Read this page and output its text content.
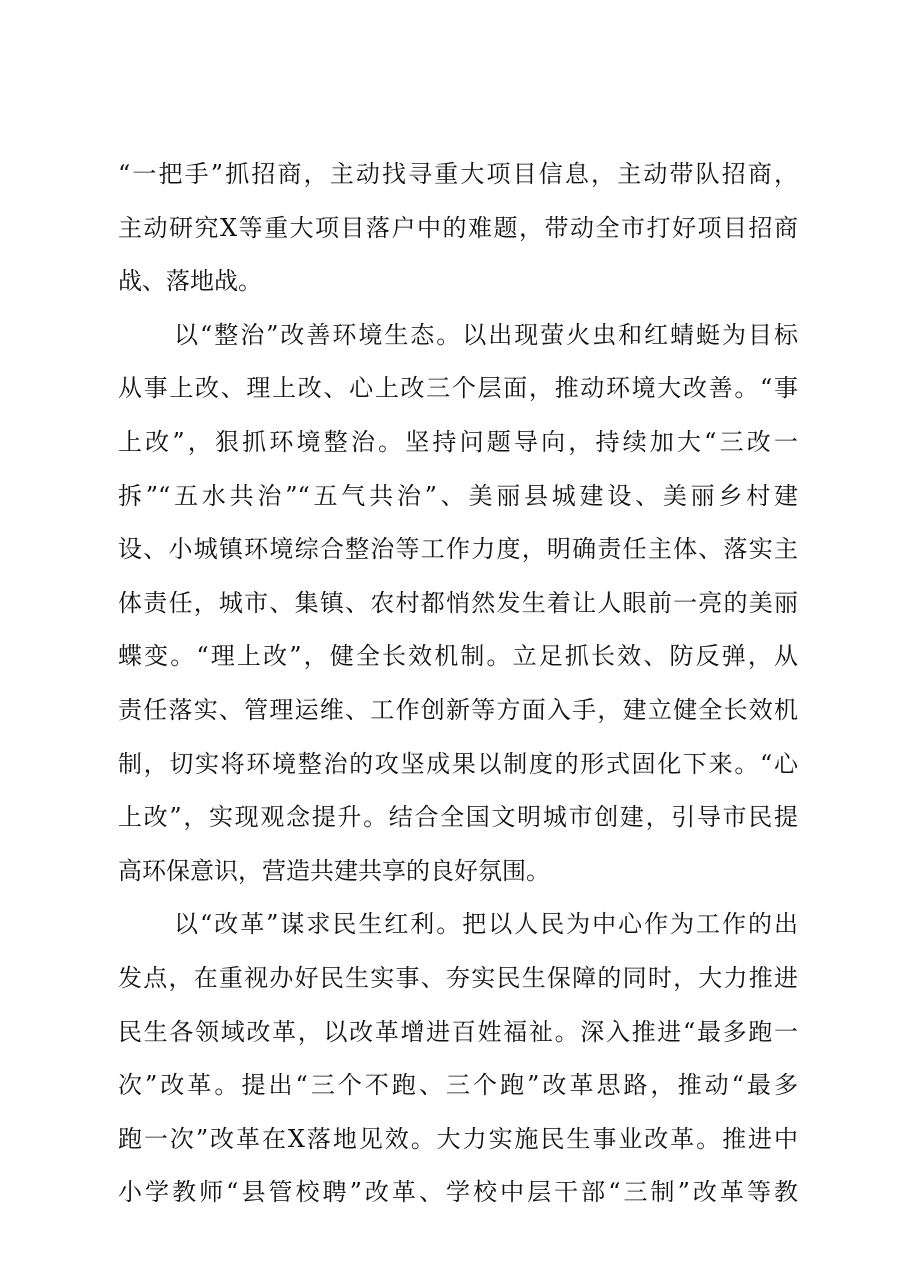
“一把手”抓招商，主动找寻重大项目信息，主动带队招商，
主动研究X等重大项目落户中的难题，带动全市打好项目招商
战、落地战。
以“整治”改善环境生态。以出现萤火虫和红蜻蜓为目标
从事上改、理上改、心上改三个层面，推动环境大改善。“事
上改”，狠抓环境整治。坚持问题导向，持续加大“三改一
拆”“五水共治”“五气共治”、美丽县城建设、美丽乡村建
设、小城镇环境综合整治等工作力度，明确责任主体、落实主
体责任，城市、集镇、农村都悄然发生着让人眼前一亮的美丽
蝶变。“理上改”，健全长效机制。立足抓长效、防反弹，从
责任落实、管理运维、工作创新等方面入手，建立健全长效机
制，切实将环境整治的攻坚成果以制度的形式固化下来。“心
上改”，实现观念提升。结合全国文明城市创建，引导市民提
高环保意识，营造共建共享的良好氛围。
以“改革”谋求民生红利。把以人民为中心作为工作的出
发点，在重视办好民生实事、夯实民生保障的同时，大力推进
民生各领域改革，以改革增进百姓福祉。深入推进“最多跑一
次”改革。提出“三个不跑、三个跑”改革思路，推动“最多
跑一次”改革在X落地见效。大力实施民生事业改革。推进中
小学教师“县管校聘”改革、学校中层干部“三制”改革等教
